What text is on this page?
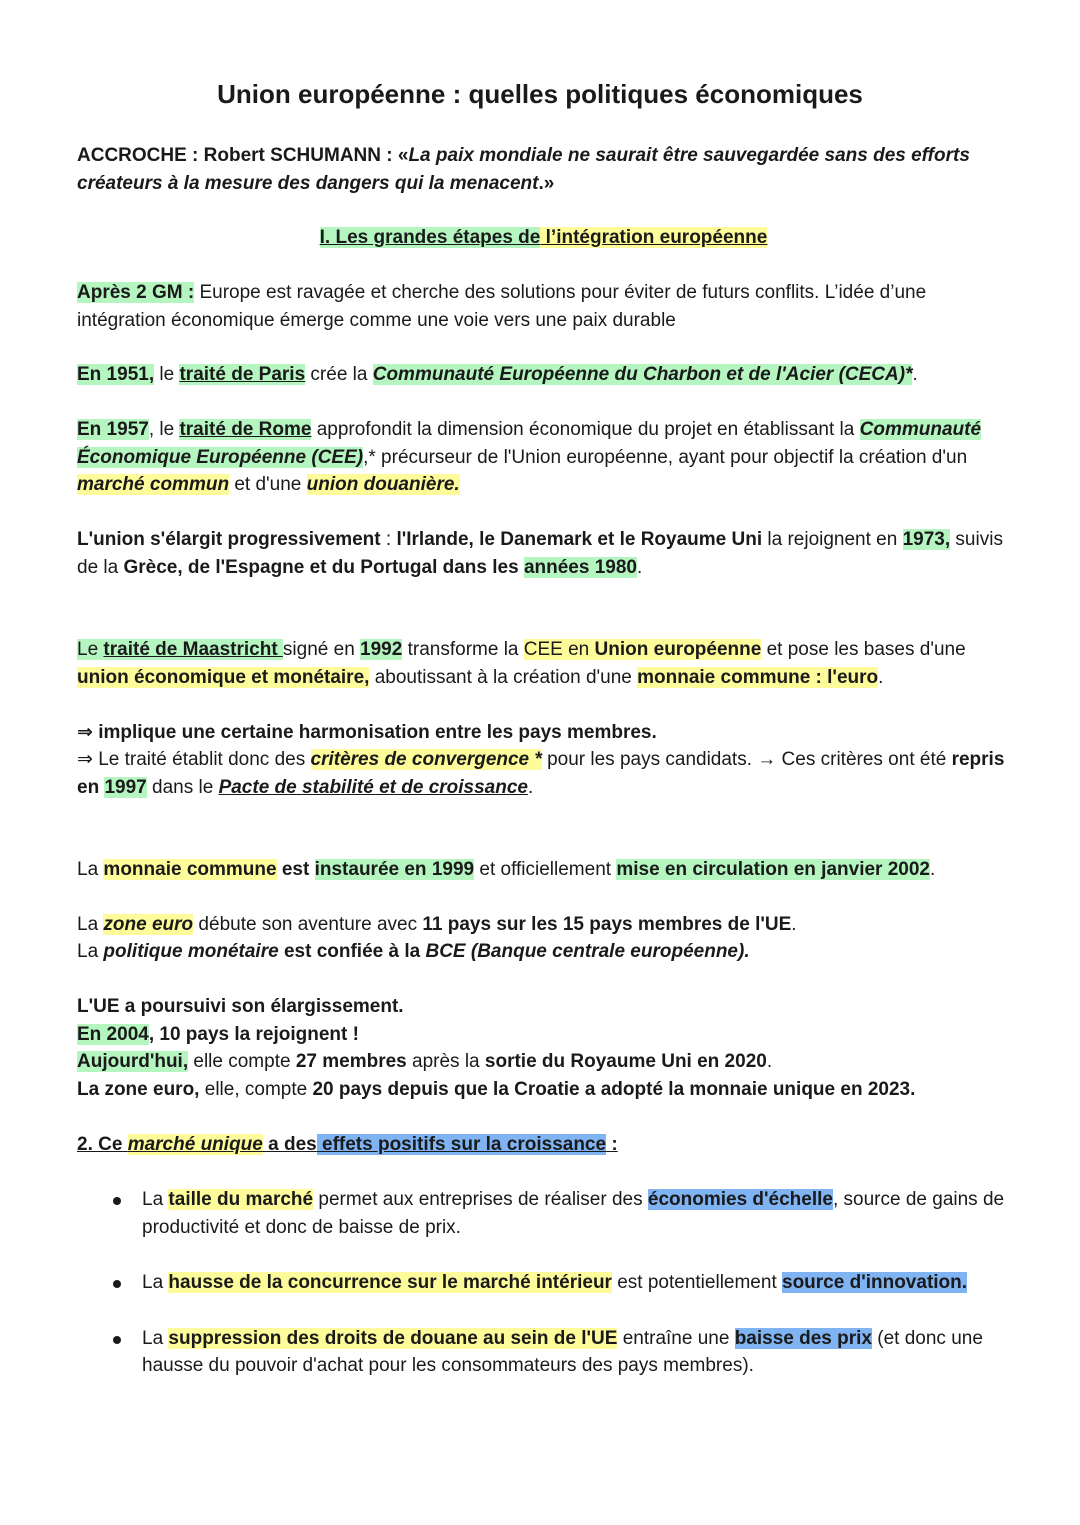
Union européenne : quelles politiques économiques

ACCROCHE : Robert SCHUMANN : «La paix mondiale ne saurait être sauvegardée sans des efforts créateurs à la mesure des dangers qui la menacent.»

I. Les grandes étapes de l’intégration européenne

Après 2 GM : Europe est ravagée et cherche des solutions pour éviter de futurs conflits. L’idée d’une intégration économique émerge comme une voie vers une paix durable

En 1951, le traité de Paris crée la Communauté Européenne du Charbon et de l'Acier (CECA)*.

En 1957, le traité de Rome approfondit la dimension économique du projet en établissant la Communauté Économique Européenne (CEE),* précurseur de l'Union européenne, ayant pour objectif la création d'un marché commun et d'une union douanière.

L'union s'élargit progressivement : l'Irlande, le Danemark et le Royaume Uni la rejoignent en 1973, suivis de la Grèce, de l'Espagne et du Portugal dans les années 1980.

Le traité de Maastricht signé en 1992 transforme la CEE en Union européenne et pose les bases d'une union économique et monétaire, aboutissant à la création d'une monnaie commune : l'euro.

⇒ implique une certaine harmonisation entre les pays membres.

⇒ Le traité établit donc des critères de convergence * pour les pays candidats. → Ces critères ont été repris en 1997 dans le Pacte de stabilité et de croissance.

La monnaie commune est instaurée en 1999 et officiellement mise en circulation en janvier 2002.

La zone euro débute son aventure avec 11 pays sur les 15 pays membres de l'UE.

La politique monétaire est confiée à la BCE (Banque centrale européenne).

L'UE a poursuivi son élargissement.

En 2004, 10 pays la rejoignent !

Aujourd'hui, elle compte 27 membres après la sortie du Royaume Uni en 2020.

La zone euro, elle, compte 20 pays depuis que la Croatie a adopté la monnaie unique en 2023.

2. Ce marché unique a des effets positifs sur la croissance :

La taille du marché permet aux entreprises de réaliser des économies d'échelle, source de gains de productivité et donc de baisse de prix.
La hausse de la concurrence sur le marché intérieur est potentiellement source d'innovation.
La suppression des droits de douane au sein de l'UE entraîne une baisse des prix (et donc une hausse du pouvoir d'achat pour les consommateurs des pays membres).
